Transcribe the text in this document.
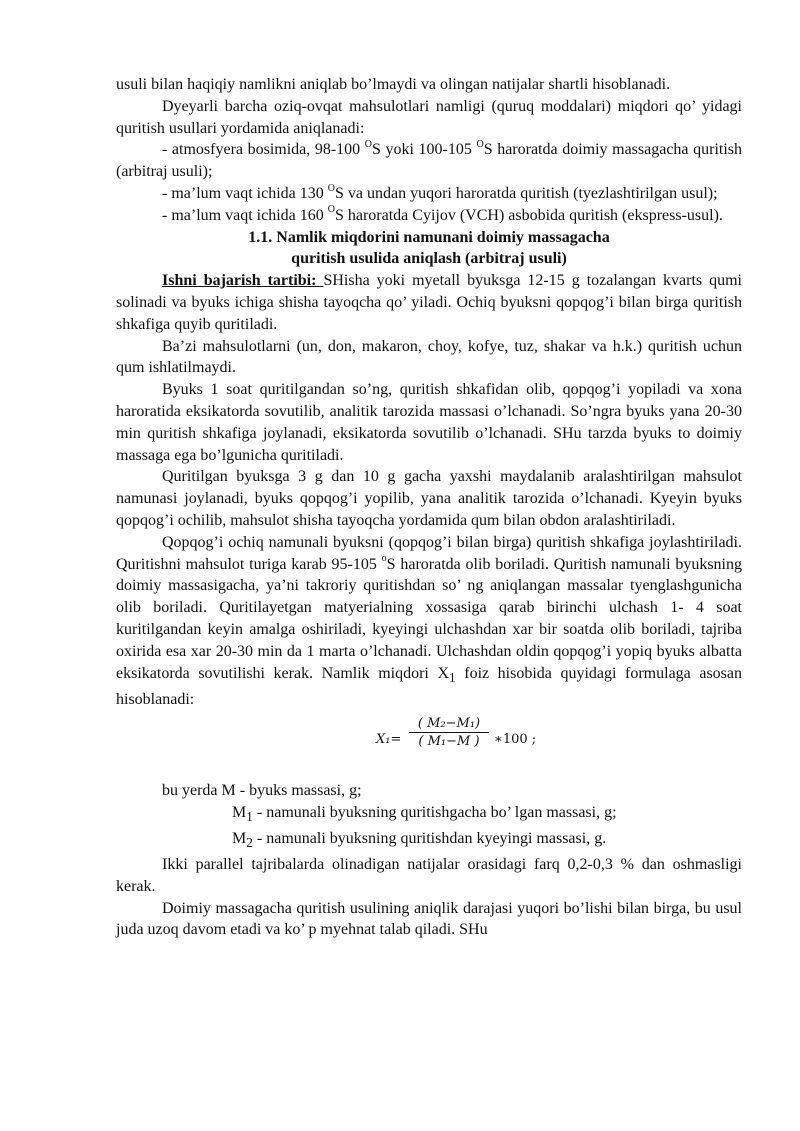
usuli bilan haqiqiy namlikni aniqlab bo’lmaydi va olingan natijalar shartli hisoblanadi.

Dyeyarli barcha oziq-ovqat mahsulotlari namligi (quruq moddalari) miqdori qo’ yidagi quritish usullari yordamida aniqlanadi:

- atmosfyera bosimida, 98-100 $^O$S yoki 100-105 $^O$S haroratda doimiy massagacha quritish (arbitraj usuli);

- ma’lum vaqt ichida 130 $^O$S va undan yuqori haroratda quritish (tyezlashtirilgan usul);

- ma’lum vaqt ichida 160 $^O$S haroratda Cyijov (VCH) asbobida quritish (ekspress-usul).

1.1. Namlik miqdorini namunani doimiy massagacha

quritish usulida aniqlash (arbitraj usuli)

Ishni bajarish tartibi: SHisha yoki myetall byuksga 12-15 g tozalangan kvarts qumi solinadi va byuks ichiga shisha tayoqcha qo’ yiladi. Ochiq byuksni qopqog’i bilan birga quritish shkafiga quyib quritiladi.

Ba’zi mahsulotlarni (un, don, makaron, choy, kofye, tuz, shakar va h.k.) quritish uchun qum ishlatilmaydi.

Byuks 1 soat quritilgandan so’ng, quritish shkafidan olib, qopqog’i yopiladi va xona haroratida eksikatorda sovutilib, analitik tarozida massasi o’lchanadi. So’ngra byuks yana 20-30 min quritish shkafiga joylanadi, eksikatorda sovutilib o’lchanadi. SHu tarzda byuks to doimiy massaga ega bo’lgunicha quritiladi.

Quritilgan byuksga 3 g dan 10 g gacha yaxshi maydalanib aralashtirilgan mahsulot namunasi joylanadi, byuks qopqog’i yopilib, yana analitik tarozida o’lchanadi. Kyeyin byuks qopqog’i ochilib, mahsulot shisha tayoqcha yordamida qum bilan obdon aralashtiriladi.

Qopqog’i ochiq namunali byuksni (qopqog’i bilan birga) quritish shkafiga joylashtiriladi. Quritishni mahsulot turiga karab 95-105 $^o$S haroratda olib boriladi. Quritish namunali byuksning doimiy massasigacha, ya’ni takroriy quritishdan so’ ng aniqlangan massalar tyenglashgunicha olib boriladi. Quritilayetgan matyerialning xossasiga qarab birinchi ulchash 1- 4 soat kuritilgandan keyin amalga oshiriladi, kyeyingi ulchashdan xar bir soatda olib boriladi, tajriba oxirida esa xar 20-30 min da 1 marta o’lchanadi. Ulchashdan oldin qopqog’i yopiq byuks albatta eksikatorda sovutilishi kerak. Namlik miqdori $X_1$ foiz hisobida quyidagi formulaga asosan hisoblanadi:

$X_1= \frac{\text{( M₂−M₁)}}{\text{( M₁−M )}}$ ∗100 ;

bu yerda M - byuks massasi, g;

$M_1$ - namunali byuksning quritishgacha bo’ lgan massasi, g;

$M_2$ - namunali byuksning quritishdan kyeyingi massasi, g.

Ikki parallel tajribalarda olinadigan natijalar orasidagi farq 0,2-0,3 % dan oshmasligi kerak.

Doimiy massagacha quritish usulining aniqlik darajasi yuqori bo’lishi bilan birga, bu usul juda uzoq davom etadi va ko’ p myehnat talab qiladi. SHu
